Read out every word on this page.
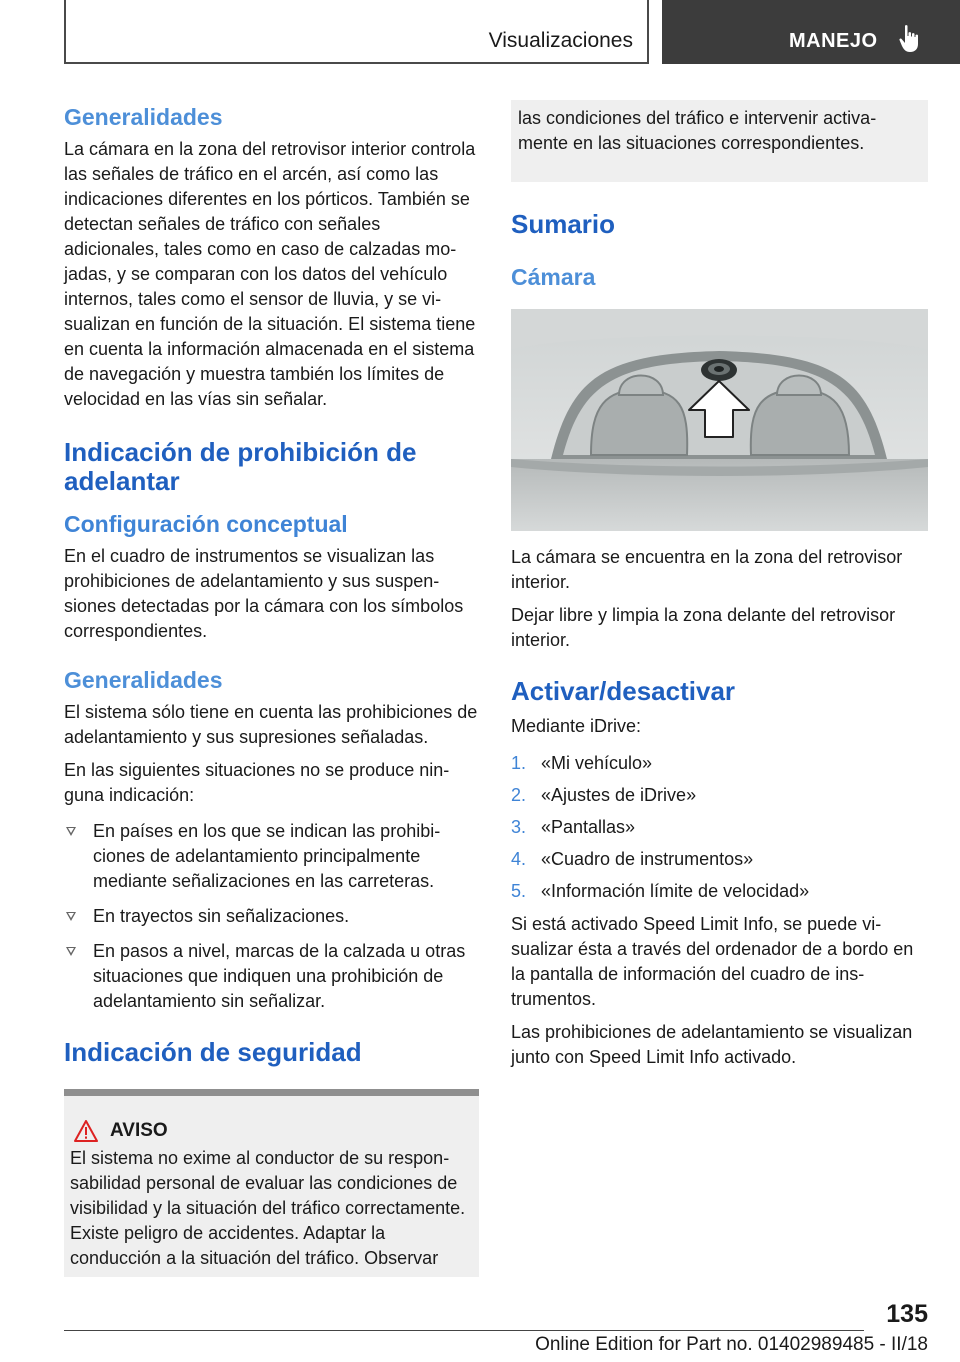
Visualizaciones	MANEJO
Generalidades

La cámara en la zona del retrovisor interior controla las señales de tráfico en el arcén, así como las indicaciones diferentes en los pórticos. También se detectan señales de tráfico con señales adicionales, tales como en caso de calzadas mojadas, y se comparan con los datos del vehículo internos, tales como el sensor de lluvia, y se visualizan en función de la situación. El sistema tiene en cuenta la información almacenada en el sistema de navegación y muestra también los límites de velocidad en las vías sin señalar.

Indicación de prohibición de adelantar
Configuración conceptual

En el cuadro de instrumentos se visualizan las prohibiciones de adelantamiento y sus suspensiones detectadas por la cámara con los símbolos correspondientes.

Generalidades

El sistema sólo tiene en cuenta las prohibiciones de adelantamiento y sus supresiones señaladas.

En las siguientes situaciones no se produce ninguna indicación:

En países en los que se indican las prohibiciones de adelantamiento principalmente mediante señalizaciones en las carreteras.
En trayectos sin señalizaciones.
En pasos a nivel, marcas de la calzada u otras situaciones que indiquen una prohibición de adelantamiento sin señalizar.
Indicación de seguridad
AVISO

El sistema no exime al conductor de su responsabilidad personal de evaluar las condiciones de visibilidad y la situación del tráfico correctamente. Existe peligro de accidentes. Adaptar la conducción a la situación del tráfico. Observar

las condiciones del tráfico e intervenir activamente en las situaciones correspondientes.

Sumario
Cámara

La cámara se encuentra en la zona del retrovisor interior.

Dejar libre y limpia la zona delante del retrovisor interior.

Activar/desactivar

Mediante iDrive:

1. «Mi vehículo»
2. «Ajustes de iDrive»
3. «Pantallas»
4. «Cuadro de instrumentos»
5. «Información límite de velocidad»

Si está activado Speed Limit Info, se puede visualizar ésta a través del ordenador de a bordo en la pantalla de información del cuadro de instrumentos.

Las prohibiciones de adelantamiento se visualizan junto con Speed Limit Info activado.

135
Online Edition for Part no. 01402989485 - II/18
